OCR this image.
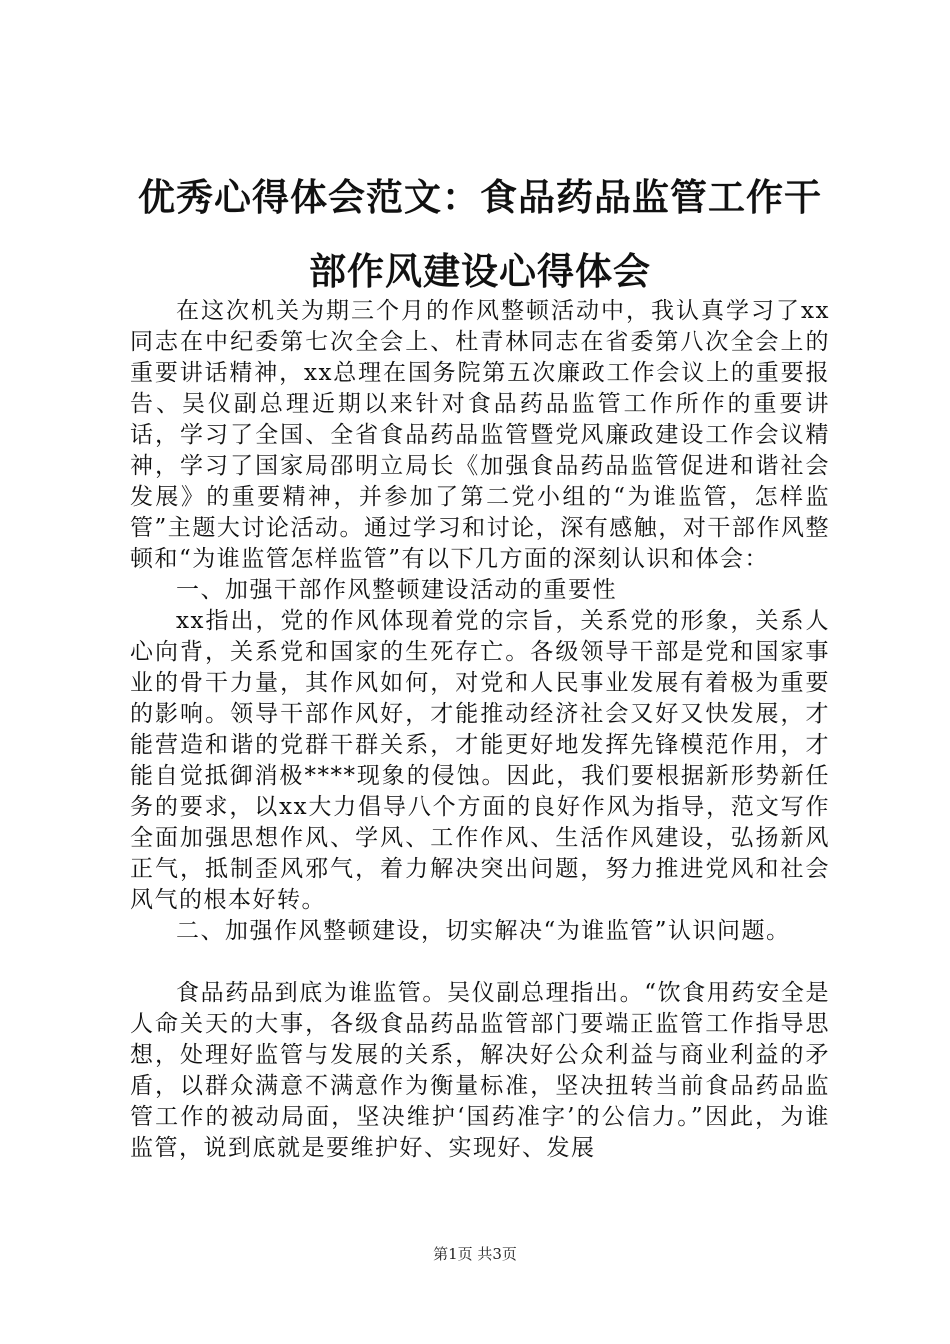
优秀心得体会范文：食品药品监管工作干部作风建设心得体会

在这次机关为期三个月的作风整顿活动中，我认真学习了xx同志在中纪委第七次全会上、杜青林同志在省委第八次全会上的重要讲话精神，xx总理在国务院第五次廉政工作会议上的重要报告、吴仪副总理近期以来针对食品药品监管工作所作的重要讲话，学习了全国、全省食品药品监管暨党风廉政建设工作会议精神，学习了国家局邵明立局长《加强食品药品监管促进和谐社会发展》的重要精神，并参加了第二党小组的“为谁监管，怎样监管”主题大讨论活动。通过学习和讨论，深有感触，对干部作风整顿和“为谁监管怎样监管”有以下几方面的深刻认识和体会：

一、加强干部作风整顿建设活动的重要性

xx指出，党的作风体现着党的宗旨，关系党的形象，关系人心向背，关系党和国家的生死存亡。各级领导干部是党和国家事业的骨干力量，其作风如何，对党和人民事业发展有着极为重要的影响。领导干部作风好，才能推动经济社会又好又快发展，才能营造和谐的党群干群关系，才能更好地发挥先锋模范作用，才能自觉抵御消极****现象的侵蚀。因此，我们要根据新形势新任务的要求，以xx大力倡导八个方面的良好作风为指导，范文写作全面加强思想作风、学风、工作作风、生活作风建设，弘扬新风正气，抵制歪风邪气，着力解决突出问题，努力推进党风和社会风气的根本好转。

二、加强作风整顿建设，切实解决“为谁监管”认识问题。

食品药品到底为谁监管。吴仪副总理指出。“饮食用药安全是人命关天的大事，各级食品药品监管部门要端正监管工作指导思想，处理好监管与发展的关系，解决好公众利益与商业利益的矛盾，以群众满意不满意作为衡量标准，坚决扭转当前食品药品监管工作的被动局面，坚决维护‘国药准字’的公信力。”因此，为谁监管，说到底就是要维护好、实现好、发展

第1页 共3页
